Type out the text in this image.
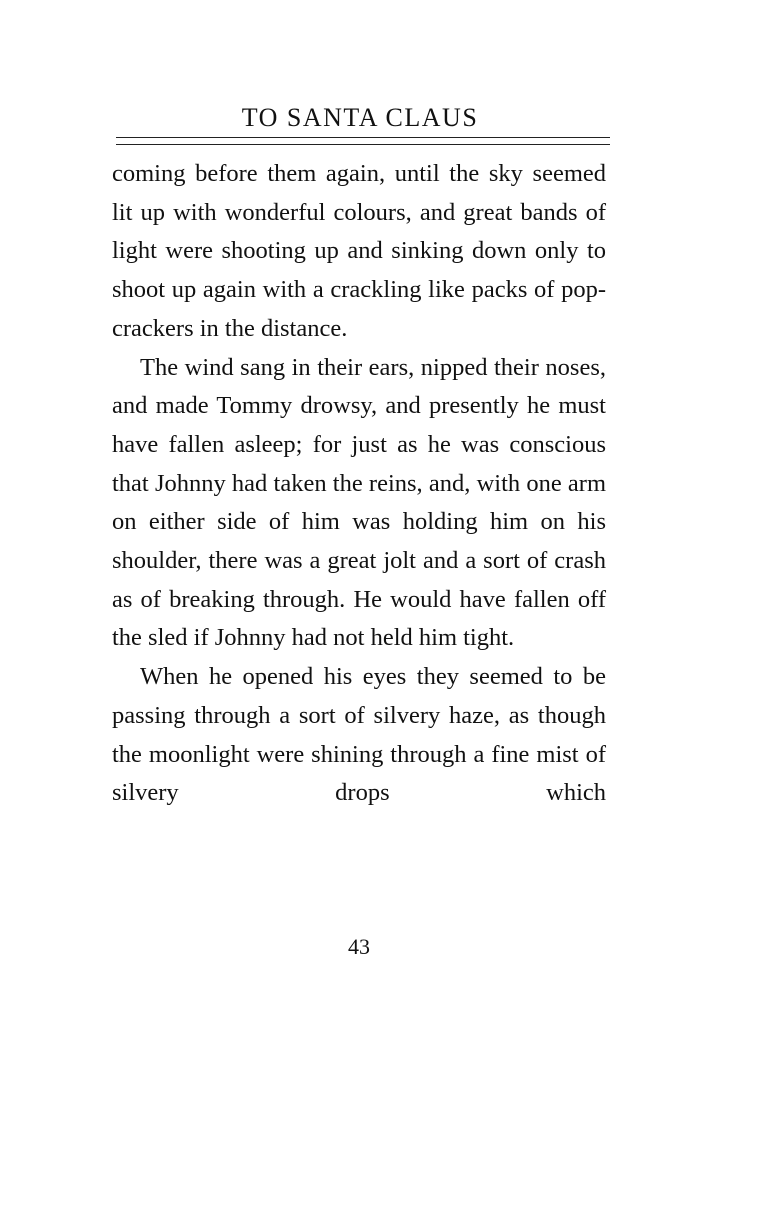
TO SANTA CLAUS

coming before them again, until the sky seemed lit up with wonderful colours, and great bands of light were shooting up and sinking down only to shoot up again with a crackling like packs of pop-crackers in the distance.

The wind sang in their ears, nipped their noses, and made Tommy drowsy, and presently he must have fallen asleep; for just as he was conscious that Johnny had taken the reins, and, with one arm on either side of him was holding him on his shoulder, there was a great jolt and a sort of crash as of breaking through. He would have fallen off the sled if Johnny had not held him tight.

When he opened his eyes they seemed to be passing through a sort of silvery haze, as though the moonlight were shining through a fine mist of silvery drops which

43
